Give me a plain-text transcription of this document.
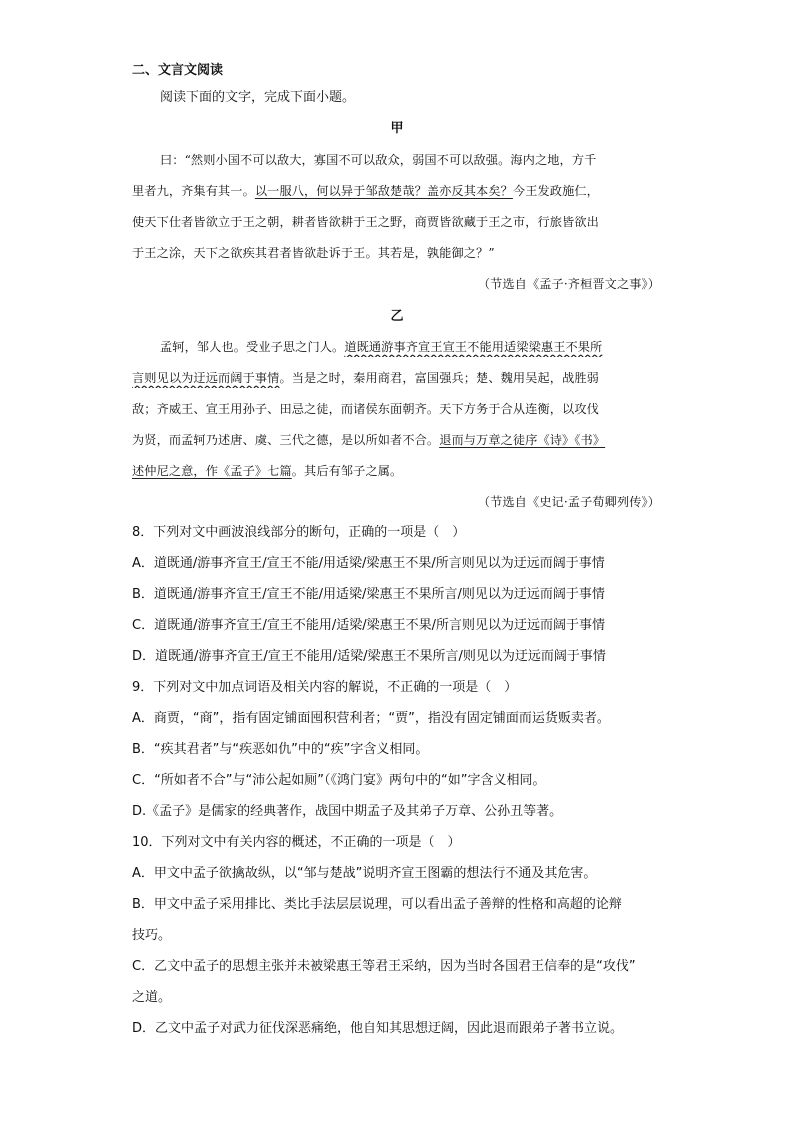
二、文言文阅读
阅读下面的文字，完成下面小题。
甲
曰：“然则小国不可以敌大，寡国不可以敌众，弱国不可以敌强。海内之地，方千
里者九，齐集有其一。以一服八，何以异于邹敌楚哉？盖亦反其本矣？今王发政施仁，
使天下仕者皆欲立于王之朝，耕者皆欲耕于王之野，商贾皆欲藏于王之市，行旅皆欲出
于王之涂，天下之欲疾其君者皆欲赴诉于王。其若是，孰能御之？”
（节选自《孟子·齐桓晋文之事》）
乙
孟轲，邹人也。受业子思之门人。道既通游事齐宣王宣王不能用适梁梁惠王不果所
言则见以为迂远而阔于事情。当是之时，秦用商君，富国强兵；楚、魏用吴起，战胜弱
敌；齐威王、宣王用孙子、田忌之徒，而诸侯东面朝齐。天下方务于合从连衡，以攻伐
为贤，而孟轲乃述唐、虞、三代之德，是以所如者不合。退而与万章之徒序《诗》《书》
述仲尼之意，作《孟子》七篇。其后有邹子之属。
（节选自《史记·孟子荀卿列传》）
8．下列对文中画波浪线部分的断句，正确的一项是（　）
A．道既通/游事齐宣王/宣王不能/用适梁/梁惠王不果/所言则见以为迂远而阔于事情
B．道既通/游事齐宣王/宣王不能/用适梁/梁惠王不果所言/则见以为迂远而阔于事情
C．道既通/游事齐宣王/宣王不能用/适梁/梁惠王不果/所言则见以为迂远而阔于事情
D．道既通/游事齐宣王/宣王不能用/适梁/梁惠王不果所言/则见以为迂远而阔于事情
9．下列对文中加点词语及相关内容的解说，不正确的一项是（　）
A．商贾，“商”，指有固定铺面囤积营利者；“贾”，指没有固定铺面而运货贩卖者。
B．“疾其君者”与“疾恶如仇”中的“疾”字含义相同。
C．“所如者不合”与“沛公起如厕”（《鸿门宴》两句中的“如”字含义相同。
D.《孟子》是儒家的经典著作，战国中期孟子及其弟子万章、公孙丑等著。
10．下列对文中有关内容的概述，不正确的一项是（　）
A．甲文中孟子欲擒故纵，以“邹与楚战”说明齐宣王图霸的想法行不通及其危害。
B．甲文中孟子采用排比、类比手法层层说理，可以看出孟子善辩的性格和高超的论辩
技巧。
C．乙文中孟子的思想主张并未被梁惠王等君王采纳，因为当时各国君王信奉的是“攻伐”
之道。
D．乙文中孟子对武力征伐深恶痛绝，他自知其思想迂阔，因此退而跟弟子著书立说。
